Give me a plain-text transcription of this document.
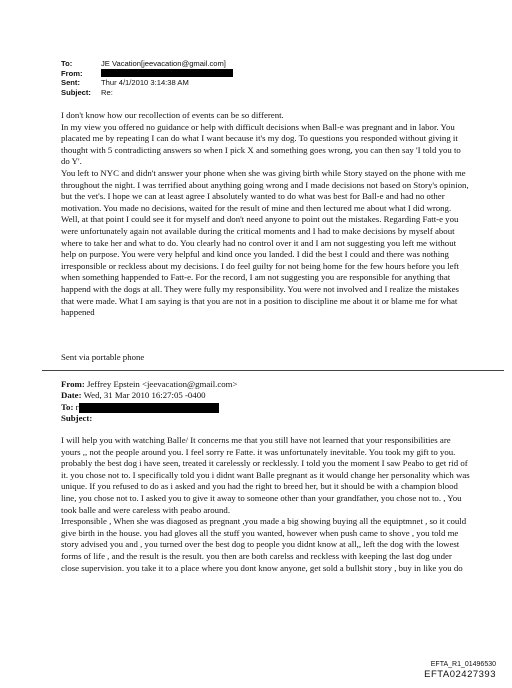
To:	JE Vacation[jeevacation@gmail.com]
From:
Sent:	Thur 4/1/2010 3:14:38 AM
Subject:	Re:
I don't know how our recollection of events can be so different.
In my view you offered no guidance or help with difficult decisions when Ball-e was pregnant and in labor. You placated me by repeating I can do what I want because it's my dog. To questions you responded without giving it thought with 5 contradicting answers so when I pick X and something goes wrong, you can then say 'I told you to do Y'.
You left to NYC and didn't answer your phone when she was giving birth while Story stayed on the phone with me throughout the night. I was terrified about anything going wrong and I made decisions not based on Story's opinion, but the vet's. I hope we can at least agree I absolutely wanted to do what was best for Ball-e and had no other motivation. You made no decisions, waited for the result of mine and then lectured me about what I did wrong. Well, at that point I could see it for myself and don't need anyone to point out the mistakes. Regarding Fatt-e you were unfortunately again not available during the critical moments and I had to make decisions by myself about where to take her and what to do. You clearly had no control over it and I am not suggesting you left me without help on purpose. You were very helpful and kind once you landed. I did the best I could and there was nothing irresponsible or reckless about my decisions. I do feel guilty for not being home for the few hours before you left when something happended to Fatt-e. For the record, I am not suggesting you are responsible for anything that happend with the dogs at all. They were fully my responsibility. You were not involved and I realize the mistakes that were made. What I am saying is that you are not in a position to discipline me about it or blame me for what happened
Sent via portable phone
From: Jeffrey Epstein <jeevacation@gmail.com>
Date: Wed, 31 Mar 2010 16:27:05 -0400
To: r
Subject:
I will help you with watching Balle/ It concerns me that you still have not learned that your responsibilities are yours ,, not the people around you. I feel sorry re Fatte. it was unfortunately inevitable. You took my gift to you. probably the best dog i have seen, treated it carelessly or recklessly. I told you the moment I saw Peabo to get rid of it. you chose not to. I specifically told you i didnt want Balle pregnant as it would change her personality which was unique. If you refused to do as i asked and you had the right to breed her, but it should be with a champion blood line, you chose not to. I asked you to give it away to someone other than your grandfather, you chose not to. , You took balle and were careless with peabo around.
Irresponsible , When she was diagosed as pregnant ,you made a big showing buying all the equiptmnet , so it could give birth in the house. you had gloves all the stuff you wanted, however when push came to shove , you told me story advised you and , you turned over the best dog to people you didnt know at all,, left the dog with the lowest forms of life , and the result is the result. you then are both carelss and reckless with keeping the last dog under close supervision. you take it to a place where you dont know anyone, get sold a bullshit story , buy in like you do
EFTA_R1_01496530
EFTA02427393
